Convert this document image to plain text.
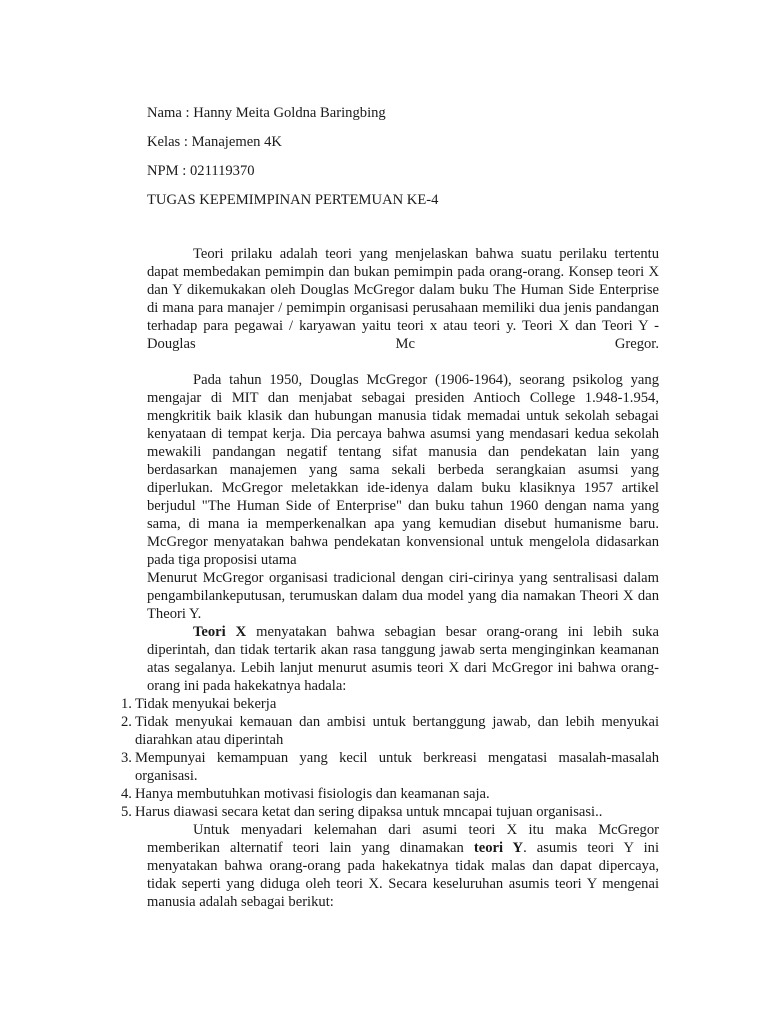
Nama : Hanny Meita Goldna Baringbing
Kelas : Manajemen 4K
NPM : 021119370
TUGAS KEPEMIMPINAN PERTEMUAN KE-4

Teori prilaku adalah teori yang menjelaskan bahwa suatu perilaku tertentu dapat membedakan pemimpin dan bukan pemimpin pada orang-orang. Konsep teori X dan Y dikemukakan oleh Douglas McGregor dalam buku The Human Side Enterprise di mana para manajer / pemimpin organisasi perusahaan memiliki dua jenis pandangan terhadap para pegawai / karyawan yaitu teori x atau teori y. Teori X dan Teori Y - Douglas Mc Gregor.

Pada tahun 1950, Douglas McGregor (1906-1964), seorang psikolog yang mengajar di MIT dan menjabat sebagai presiden Antioch College 1.948-1.954, mengkritik baik klasik dan hubungan manusia tidak memadai untuk sekolah sebagai kenyataan di tempat kerja. Dia percaya bahwa asumsi yang mendasari kedua sekolah mewakili pandangan negatif tentang sifat manusia dan pendekatan lain yang berdasarkan manajemen yang sama sekali berbeda serangkaian asumsi yang diperlukan. McGregor meletakkan ide-idenya dalam buku klasiknya 1957 artikel berjudul "The Human Side of Enterprise" dan buku tahun 1960 dengan nama yang sama, di mana ia memperkenalkan apa yang kemudian disebut humanisme baru. McGregor menyatakan bahwa pendekatan konvensional untuk mengelola didasarkan pada tiga proposisi utama

Menurut McGregor organisasi tradicional dengan ciri-cirinya yang sentralisasi dalam pengambilankeputusan, terumuskan dalam dua model yang dia namakan Theori X dan Theori Y.

Teori X menyatakan bahwa sebagian besar orang-orang ini lebih suka diperintah, dan tidak tertarik akan rasa tanggung jawab serta menginginkan keamanan atas segalanya. Lebih lanjut menurut asumis teori X dari McGregor ini bahwa orang-orang ini pada hakekatnya hadala:

1. Tidak menyukai bekerja
2. Tidak menyukai kemauan dan ambisi untuk bertanggung jawab, dan lebih menyukai diarahkan atau diperintah
3. Mempunyai kemampuan yang kecil untuk berkreasi mengatasi masalah-masalah organisasi.
4. Hanya membutuhkan motivasi fisiologis dan keamanan saja.
5. Harus diawasi secara ketat dan sering dipaksa untuk mncapai tujuan organisasi..

Untuk menyadari kelemahan dari asumi teori X itu maka McGregor memberikan alternatif teori lain yang dinamakan teori Y. asumis teori Y ini menyatakan bahwa orang-orang pada hakekatnya tidak malas dan dapat dipercaya, tidak seperti yang diduga oleh teori X. Secara keseluruhan asumis teori Y mengenai manusia adalah sebagai berikut:
